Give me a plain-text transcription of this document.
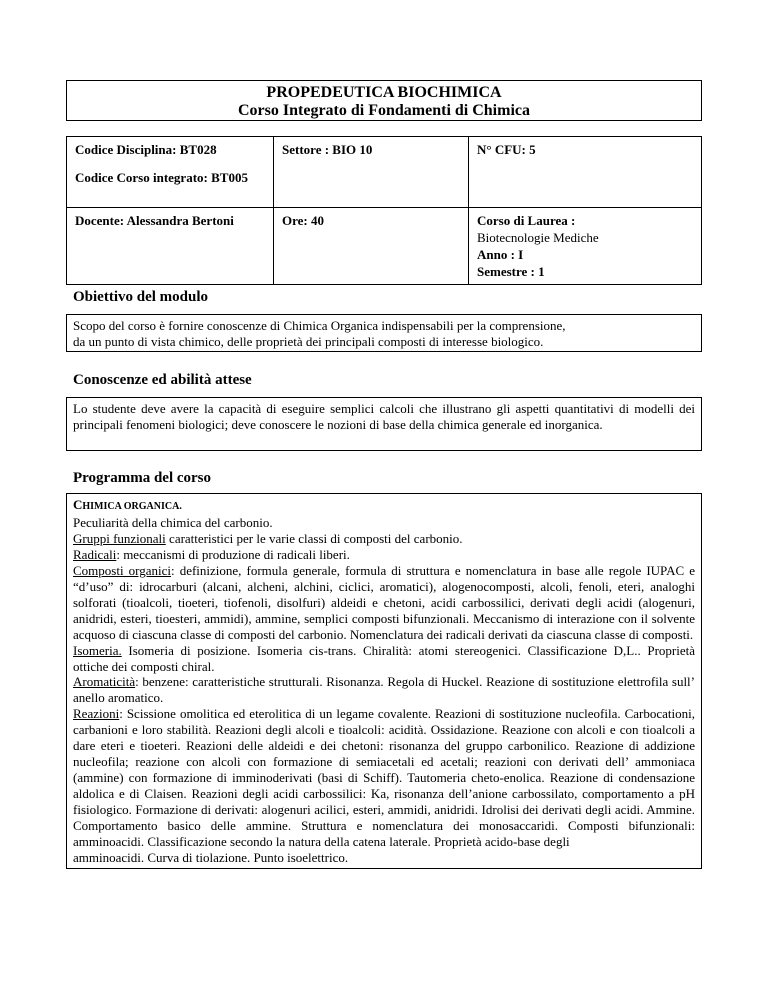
PROPEDEUTICA BIOCHIMICA
Corso Integrato di Fondamenti di Chimica
Codice Disciplina: BT028
Codice Corso integrato: BT005	Settore : BIO 10	N° CFU: 5

Docente: Alessandra Bertoni	Ore: 40	Corso di Laurea :
Biotecnologie Mediche
Anno : I
Semestre : 1
Obiettivo del modulo
Scopo del corso è fornire conoscenze di Chimica Organica indispensabili per la comprensione,
da un punto di vista chimico, delle proprietà dei principali composti di interesse biologico.
Conoscenze ed abilità attese
Lo studente deve avere la capacità di eseguire semplici calcoli che illustrano gli aspetti quantitativi di modelli dei principali fenomeni biologici; deve conoscere le nozioni di base della chimica generale ed inorganica.
Programma del corso

CHIMICA ORGANICA.

Peculiarità della chimica del carbonio.

Gruppi funzionali caratteristici per le varie classi di composti del carbonio.

Radicali: meccanismi di produzione di radicali liberi.

Composti organici: definizione, formula generale, formula di struttura e nomenclatura in base alle regole IUPAC e “d’uso” di: idrocarburi (alcani, alcheni, alchini, ciclici, aromatici), alogenocomposti, alcoli, fenoli, eteri, analoghi solforati (tioalcoli, tioeteri, tiofenoli, disolfuri) aldeidi e chetoni, acidi carbossilici, derivati degli acidi (alogenuri, anidridi, esteri, tioesteri, ammidi), ammine, semplici composti bifunzionali. Meccanismo di interazione con il solvente acquoso di ciascuna classe di composti del carbonio. Nomenclatura dei radicali derivati da ciascuna classe di composti.

Isomeria. Isomeria di posizione. Isomeria cis-trans. Chiralità: atomi stereogenici. Classificazione D,L.. Proprietà ottiche dei composti chiral.

Aromaticità: benzene: caratteristiche strutturali. Risonanza. Regola di Huckel. Reazione di sostituzione elettrofila sull’ anello aromatico.

Reazioni: Scissione omolitica ed eterolitica di un legame covalente. Reazioni di sostituzione nucleofila. Carbocationi, carbanioni e loro stabilità. Reazioni degli alcoli e tioalcoli: acidità. Ossidazione. Reazione con alcoli e con tioalcoli a dare eteri e tioeteri. Reazioni delle aldeidi e dei chetoni: risonanza del gruppo carbonilico. Reazione di addizione nucleofila; reazione con alcoli con formazione di semiacetali ed acetali; reazioni con derivati dell’ ammoniaca (ammine) con formazione di imminoderivati (basi di Schiff). Tautomeria cheto-enolica. Reazione di condensazione aldolica e di Claisen. Reazioni degli acidi carbossilici: Ka, risonanza dell’anione carbossilato, comportamento a pH fisiologico. Formazione di derivati: alogenuri acilici, esteri, ammidi, anidridi. Idrolisi dei derivati degli acidi. Ammine. Comportamento basico delle ammine. Struttura e nomenclatura dei monosaccaridi. Composti bifunzionali: amminoacidi. Classificazione secondo la natura della catena laterale. Proprietà acido-base degli

amminoacidi. Curva di tiolazione. Punto isoelettrico.
